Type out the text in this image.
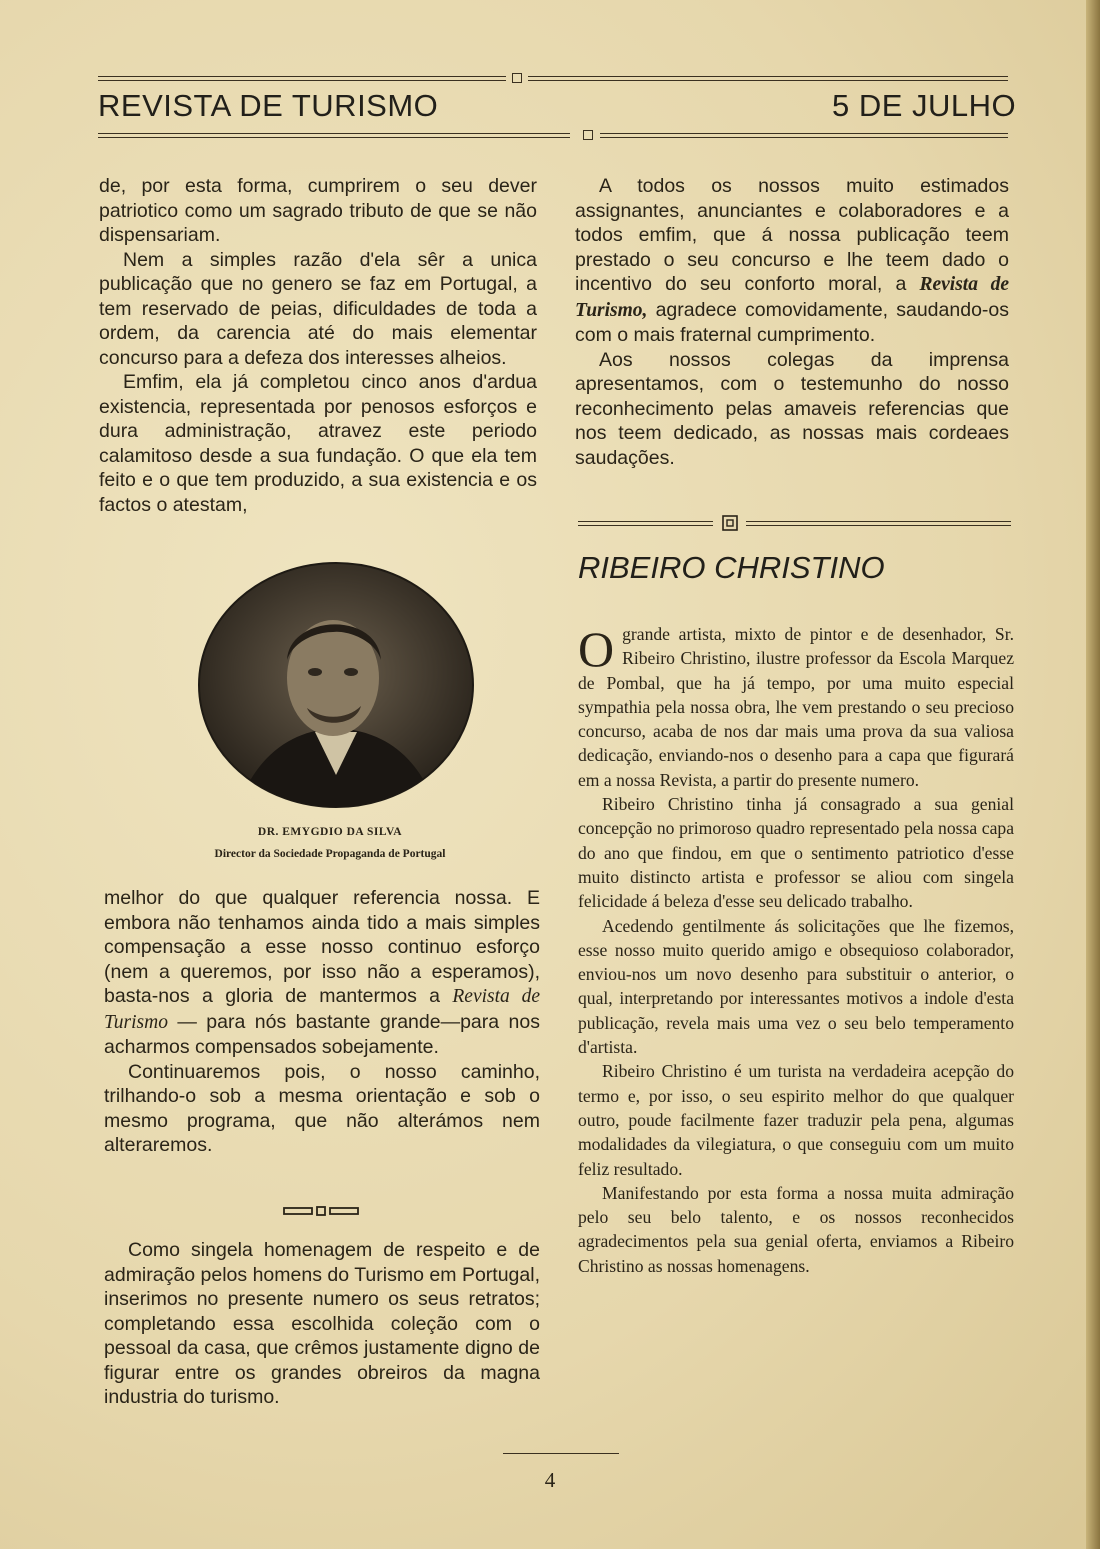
REVISTA DE TURISMO	5 DE JULHO

de, por esta forma, cumprirem o seu dever patriotico como um sagrado tributo de que se não dispensariam.

Nem a simples razão d'ela sêr a unica publicação que no genero se faz em Portugal, a tem reservado de peias, dificuldades de toda a ordem, da carencia até do mais elementar concurso para a defeza dos interesses alheios.

Emfim, ela já completou cinco anos d'ardua existencia, representada por penosos esforços e dura administração, atravez este periodo calamitoso desde a sua fundação. O que ela tem feito e o que tem produzido, a sua existencia e os factos o atestam,

DR. EMYGDIO DA SILVA
Director da Sociedade Propaganda de Portugal

melhor do que qualquer referencia nossa. E embora não tenhamos ainda tido a mais simples compensação a esse nosso continuo esforço (nem a queremos, por isso não a esperamos), basta-nos a gloria de mantermos a Revista de Turismo — para nós bastante grande—para nos acharmos compensados sobejamente.

Continuaremos pois, o nosso caminho, trilhando-o sob a mesma orientação e sob o mesmo programa, que não alterámos nem alteraremos.

Como singela homenagem de respeito e de admiração pelos homens do Turismo em Portugal, inserimos no presente numero os seus retratos; completando essa escolhida coleção com o pessoal da casa, que crêmos justamente digno de figurar entre os grandes obreiros da magna industria do turismo.

A todos os nossos muito estimados assignantes, anunciantes e colaboradores e a todos emfim, que á nossa publicação teem prestado o seu concurso e lhe teem dado o incentivo do seu conforto moral, a Revista de Turismo, agradece comovidamente, saudando-os com o mais fraternal cumprimento.

Aos nossos colegas da imprensa apresentamos, com o testemunho do nosso reconhecimento pelas amaveis referencias que nos teem dedicado, as nossas mais cordeaes saudações.

RIBEIRO CHRISTINO

Ogrande artista, mixto de pintor e de desenhador, Sr. Ribeiro Christino, ilustre professor da Escola Marquez de Pombal, que ha já tempo, por uma muito especial sympathia pela nossa obra, lhe vem prestando o seu precioso concurso, acaba de nos dar mais uma prova da sua valiosa dedicação, enviando-nos o desenho para a capa que figurará em a nossa Revista, a partir do presente numero.

Ribeiro Christino tinha já consagrado a sua genial concepção no primoroso quadro representado pela nossa capa do ano que findou, em que o sentimento patriotico d'esse muito distincto artista e professor se aliou com singela felicidade á beleza d'esse seu delicado trabalho.

Acedendo gentilmente ás solicitações que lhe fizemos, esse nosso muito querido amigo e obsequioso colaborador, enviou-nos um novo desenho para substituir o anterior, o qual, interpretando por interessantes motivos a indole d'esta publicação, revela mais uma vez o seu belo temperamento d'artista.

Ribeiro Christino é um turista na verdadeira acepção do termo e, por isso, o seu espirito melhor do que qualquer outro, poude facilmente fazer traduzir pela pena, algumas modalidades da vilegiatura, o que conseguiu com um muito feliz resultado.

Manifestando por esta forma a nossa muita admiração pelo seu belo talento, e os nossos reconhecidos agradecimentos pela sua genial oferta, enviamos a Ribeiro Christino as nossas homenagens.

4
